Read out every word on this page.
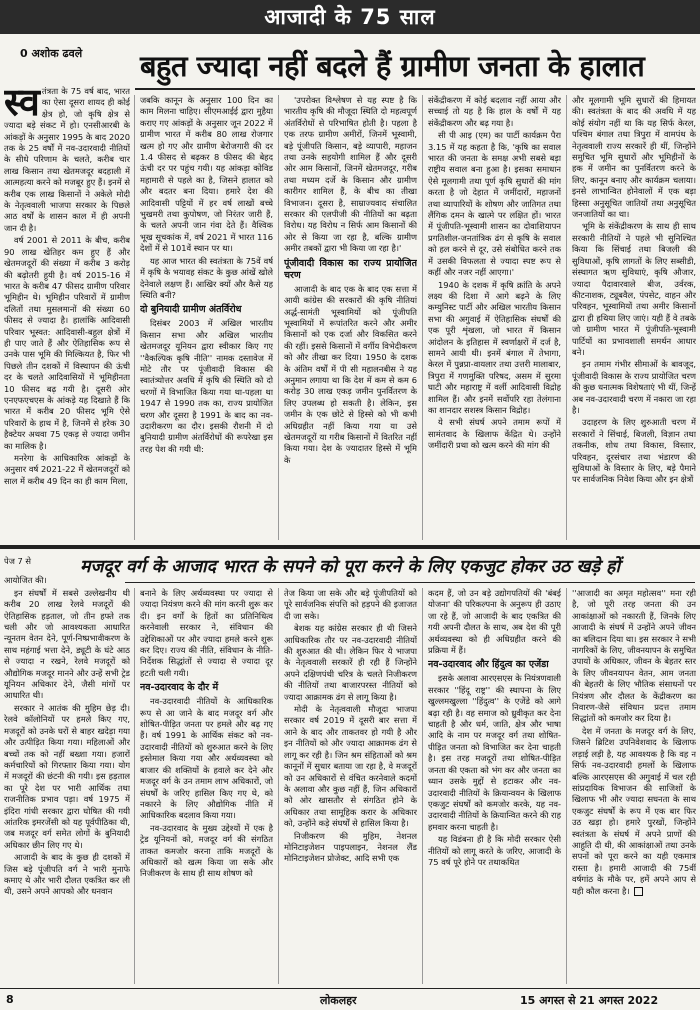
आजादी के 75 साल
0 अशोक ढवले बहुत ज्यादा नहीं बदले हैं ग्रामीण जनता के हालात

स्व तंत्रता के 75 वर्ष बाद, भारत का ऐसा दूसरा शायद ही कोई क्षेत्र हो, जो कृषि क्षेत्र से ज्यादा बड़े संकट में हो। एनसीआरबी के आंकड़ों के अनुसार 1995 के बाद 2020 तक के 25 वर्षों में नव-उदारवादी नीतियों के सीधे परिणाम के चलते, करीब चार लाख किसान तथा खेतमजदूर बदहाली में आत्महत्या करने को मजबूर हुए हैं। इनमें से करीब एक लाख किसानों ने अकेले मोदी के नेतृत्ववाली भाजपा सरकार के पिछले आठ वर्षों के शासन काल में ही अपनी जान दी है।

वर्ष 2001 से 2011 के बीच, करीब 90 लाख खेतिहर कम हुए हैं और खेतमजदूरों की संख्या में करीब 3 करोड़ की बढ़ोतरी हुयी है। वर्ष 2015-16 में भारत के करीब 47 फीसद ग्रामीण परिवार भूमिहीन थे। भूमिहीन परिवारों में ग्रामीण दलितों तथा मुसलमानों की संख्या 60 फीसद से ज्यादा है। हालांकि आदिवासी परिवार भूस्वत: आदिवासी-बहुल क्षेत्रों में ही पाए जाते हैं और ऐतिहासिक रूप से उनके पास भूमि की मिल्कियत है, फिर भी पिछले तीन दशकों में विस्थापन की ऊंची दर के चलते आदिवासियों में भूमिहीनता 10 फीसद बढ़ गयी है। दूसरी ओर एनएफएचएस के आंकड़े यह दिखाते हैं कि भारत में करीब 20 फीसद भूमि ऐसे परिवारों के हाथ में है, जिनमें से हरेक 30 हैक्टेयर अथवा 75 एकड़ से ज्यादा जमीन का मालिक है।

मनरेगा के आधिकारिक आंकड़ों के अनुसार वर्ष 2021-22 में खेतमजदूरों को साल में करीब 49 दिन का ही काम मिला,

जबकि कानून के अनुसार 100 दिन का काम मिलना चाहिए। सीएमआईई द्वारा मुहैया कराए गए आंकड़ों के अनुसार जून 2022 में ग्रामीण भारत में करीब 80 लाख रोजगार खत्म हो गए और ग्रामीण बेरोजगारी की दर 1.4 फीसद से बढ़कर 8 फीसद की बेहद ऊंची दर पर पहुंच गयी। यह आंकड़ा कोविड महामारी से पहले का है, जिसने हालात को और बदतर बना दिया। हमारे देश की आदिवासी पट्टियों में हर वर्ष लाखों बच्चे भुखमरी तथा कुपोषण, जो निरंतर जारी हैं, के चलते अपनी जान गंवा देते हैं। वैश्विक भूख सूचकांक में, वर्ष 2021 में भारत 116 देशों में से 101वें स्थान पर था।

यह आज भारत की स्वतंत्रता के 75वें वर्ष में कृषि के भयावह संकट के कुछ आंखें खोले देनेवाले लक्षण हैं। आखिर क्यों और कैसे यह स्थिति बनी?

दो बुनियादी ग्रामीण अंतर्विरोध

दिसंबर 2003 में अखिल भारतीय किसान सभा और अखिल भारतीय खेतमजदूर यूनियन द्वारा स्वीकार किए गए ''वैकल्पिक कृषि नीति'' नामक दस्तावेज में मोटे तौर पर पूंजीवादी विकास की स्वातंत्र्योत्तर अवधि में कृषि की स्थिति को दो चरणों में विभाजित किया गया था-पहला था 1947 से 1990 तक का, राज्य प्रायोजित चरण और दूसरा है 1991 के बाद का नव-उदारीकरण का दौर। इसकी रौशनी में दो बुनियादी ग्रामीण अंतर्विरोधों की रूपरेखा इस तरह पेश की गयी थी:

'उपरोक्त विश्लेषण से यह स्पष्ट है कि भारतीय कृषि की मौजूदा स्थिति दो महत्वपूर्ण अंतर्विरोधों से परिभाषित होती है। पहला है एक तरफ ग्रामीण अमीरों, जिनमें भूस्वामी, बड़े पूंजीपति किसान, बड़े व्यापारी, महाजन तथा उनके सहयोगी शामिल हैं और दूसरी ओर आम किसानों, जिनमें खेतमजदूर, गरीब तथा मध्यम दर्जे के किसान और ग्रामीण कारीगर शामिल हैं, के बीच का तीखा विभाजन। दूसरा है, साम्राज्यवाद संचालित सरकार की एलपीजी की नीतियों का बढ़ता विरोध। यह विरोध न सिर्फ आम किसानों की ओर से किया जा रहा है, बल्कि ग्रामीण अमीर तबकों द्वारा भी किया जा रहा है।'

पूंजीवादी विकास का राज्य प्रायोजित चरण

आजादी के बाद एक के बाद एक सत्ता में आयी कांग्रेस की सरकारों की कृषि नीतियां अर्द्ध-सामंती भूस्वामियों को पूंजीपति भूस्वामियों में रूपांतरित करने और अमीर किसानों को एक दर्जा और विकसित करने की रहीं। इससे किसानों में वर्गीय विभेदीकरण को और तीखा कर दिया। 1950 के दशक के अंतिम वर्षों में पी सी महालनबीस ने यह अनुमान लगाया था कि देश में कम से कम 6 करोड़ 30 लाख एकड़ जमीन पुनर्वितरण के लिए उपलब्ध हो सकती है। लेकिन, इस जमीन के एक छोटे से हिस्से को भी कभी अधिग्रहीत नहीं किया गया या उसे खेतमजदूरों या गरीब किसानों में वितरित नहीं किया गया। देश के ज्यादातर हिस्से में भूमि के

संकेंद्रीकरण में कोई बदलाव नहीं आया और सच्चाई तो यह है कि हाल के वर्षों में यह संकेंद्रीकरण और बढ़ गया है।

सी पी आइ (एम) का पार्टी कार्यक्रम पैरा 3.15 में यह कहता है कि, 'कृषि का सवाल भारत की जनता के समक्ष अभी सबसे बड़ा राष्ट्रीय सवाल बना हुआ है। इसका समाधान ऐसे मूलगामी तथा पूर्ण कृषि सुधारों की मांग करता है जो देहात में जमींदारों, महाजनों तथा व्यापारियों के शोषण और जातिगत तथा लैंगिक दमन के खात्मे पर लक्षित हों। भारत में पूंजीपति-भूस्वामी शासन का दोवाशियापन प्रगतिशील-जनतांत्रिक ढंग से कृषि के सवाल को हल करने से दूर, उसे संबोधित करने तक में उसकी विफलता से ज्यादा स्पष्ट रूप से कहीं और नजर नहीं आएगा।'

1940 के दशक में कृषि क्रांति के अपने लक्ष्य की दिशा में आगे बढ़ने के लिए कम्युनिस्ट पार्टी और अखिल भारतीय किसान सभा की अगुवाई में ऐतिहासिक संघर्षों की एक पूरी शृंखला, जो भारत में किसान आंदोलन के इतिहास में स्वर्णाक्षरों में दर्ज है, सामने आयी थी। इनमें बंगाल में तेभागा, केरल में पुन्नप्रा-वायलार तथा उत्तरी मालाबार, त्रिपुरा में गणमुक्ति परिषद, असम में सुरमा घाटी और महाराष्ट्र में वर्ली आदिवासी विद्रोह शामिल हैं। और इनमें सर्वोपरि रहा तेलंगाना का शानदार सशस्त्र किसान विद्रोह।

ये सभी संघर्ष अपने तमाम रूपों में सामंतवाद के खिलाफ केंद्रित थे। उन्होंने जमींदारी प्रथा को खत्म करने की मांग की

और मूलगामी भूमि सुधारों की हिमायत की। स्वतंत्रता के बाद की अवधि में यह कोई संयोग नहीं था कि यह सिर्फ केरल, पश्चिम बंगाल तथा त्रिपुरा में वामपंथ के नेतृत्ववाली राज्य सरकारें ही थीं, जिन्होंने समुचित भूमि सुधारों और भूमिहीनों के हक में जमीन का पुनर्वितरण करने के लिए, कानून बनाए और कार्यक्रम चलाया। इनसे लाभान्वित होनेवालों में एक बड़ा हिस्सा अनुसूचित जातियों तथा अनुसूचित जनजातियों का था।

भूमि के संकेंद्रीकरण के साथ ही साथ सरकारी नीतियों ने पहले भी सुनिश्चित किया कि सिंचाई तथा बिजली की सुविधाओं, कृषि लागतों के लिए सब्सीडी, संस्थागत ऋण सुविधाएं, कृषि औजार, ज्यादा पैदावारवाले बीज, उर्वरक, कीटनाशक, ट्यूबवैल, पंपसेट, वाहन और परिवहन, भूस्वामियों तथा अमीर किसानों द्वारा ही हथिया लिए जाएं। यही हैं वे तबके जो ग्रामीण भारत में पूंजीपति-भूस्वामी पार्टियों का प्रभावशाली समर्थन आधार बने।

इन तमाम गंभीर सीमाओं के बावजूद, पूंजीवादी विकास के राज्य प्रायोजित चरण की कुछ धनात्मक विशेषताएं भी थीं, जिन्हें अब नव-उदारवादी चरण में नकारा जा रहा है।

उदाहरण के लिए शुरुआती चरण में सरकारों ने सिंचाई, बिजली, विज्ञान तथा तकनीक, शोध तथा विकास, विस्तार, परिवहन, दूरसंचार तथा भंडारण की सुविधाओं के विस्तार के लिए, बड़े पैमाने पर सार्वजनिक निवेश किया और इन क्षेत्रों

मजदूर वर्ग के आजाद भारत के सपने को पूरा करने के लिए एकजुट होकर उठ खड़े हों

पेज 7 से

आयोजित की।

इन संघर्षों में सबसे उल्लेखनीय थी करीब 20 लाख रेलवे मजदूरों की ऐतिहासिक हड़ताल, जो तीन हफ्ते तक चली और जो आवश्यकता आधारित न्यूनतम वेतन देने, पूर्ण-निष्प्रभावीकरण के साथ महंगाई भत्ता देने, ड्यूटी के घंटे आठ से ज्यादा न रखने, रेलवे मजदूरों को औद्योगिक मजदूर मानने और उन्हें सभी ट्रेड यूनियन अधिकार देने, जैसी मांगों पर आधारित थी।

सरकार ने आतंक की मुहिम छेड़ दी। रेलवे कॉलोनियों पर हमले किए गए, मजदूरों को उनके घरों से बाहर खदेड़ा गया और उत्पीड़ित किया गया। महिलाओं और बच्चों तक को नहीं बख्शा गया। हजारों कर्मचारियों को गिरफ्तार किया गया। योग में मजदूरों की छंटनी की गयी। इस हड़ताल का पूरे देश पर भारी आर्थिक तथा राजनीतिक प्रभाव पड़ा। वर्ष 1975 में इंदिरा गांधी सरकार द्वारा घोषित की गयी आंतरिक इमरजेंसी को यह पूर्वपीठिका थी, जब मजदूर वर्ग समेत लोगों के बुनियादी अधिकार छीन लिए गए थे।

आजादी के बाद के कुछ ही दशकों में जिस बड़े पूंजीपति वर्ग ने भारी मुनाफे कमाए थे और भारी दौलत एकत्रित कर ली थी, उसने अपने आपको और धनवान

बनाने के लिए अर्थव्यवस्था पर ज्यादा से ज्यादा नियंत्रण करने की मांग करनी शुरू कर दी। इन वर्गों के हितों का प्रतिनिधित्व करनेवाली सरकार ने, संविधान की उद्देशिकाओं पर और ज्यादा हमले करने शुरू कर दिए। राज्य की नीति, संविधान के नीति-निर्देशक सिद्धांतों से ज्यादा से ज्यादा दूर हटती चली गयी।

नव-उदारवाद के दौर में

नव-उदारवादी नीतियों के आधिकारिक रूप से आ जाने के बाद मजदूर वर्ग और शोषित-पीड़ित जनता पर हमले और बढ़ गए हैं। वर्ष 1991 के आर्थिक संकट को नव-उदारवादी नीतियों को शुरुआत करने के लिए इस्तेमाल किया गया और अर्थव्यवस्था को बाजार की शक्तियों के हवाले कर देने और मजदूर वर्ग के उन तमाम लाभ अधिकारों, जो संघर्षों के जरिए हासिल किए गए थे, को नकारने के लिए औद्योगिक नीति में आधिकारिक बदलाव किया गया।

नव-उदारवाद के मुख्य उद्देश्यों में एक है ट्रेड यूनियनों को, मजदूर वर्ग की संगठित ताकत कमजोर करना ताकि मजदूरों के अधिकारों को खत्म किया जा सके और निजीकरण के साथ ही साथ शोषण को

तेज किया जा सके और बड़े पूंजीपतियों को पूरे सार्वजनिक संपत्ति को हड़पने की इजाजत दी जा सके।

बेशक यह कांग्रेस सरकार ही थी जिसने आधिकारिक तौर पर नव-उदारवादी नीतियों की शुरुआत की थी। लेकिन फिर ये भाजपा के नेतृत्ववाली सरकारें ही रही हैं जिन्होंने अपने दक्षिणपंथी चरित्र के चलते निजीकरण की नीतियों तथा बाजारपरस्त नीतियों को ज्यादा आक्रामक ढंग से लागू किया है।

मोदी के नेतृत्ववाली मौजूदा भाजपा सरकार वर्ष 2019 में दूसरी बार सत्ता में आने के बाद और ताकतवर हो गयी है और इन नीतियों को और ज्यादा आक्रामक ढंग से लागू कर रही है। जिन श्रम संहिताओं को श्रम कानूनों में सुधार बताया जा रहा है, वे मजदूरों को उन अधिकारों से वंचित करनेवाले कदमों के अलावा और कुछ नहीं हैं, जिन अधिकारों को ओर खासतौर से संगठित होने के अधिकार तथा सामूहिक करार के अधिकार को, उन्होंने कड़े संघर्षों से हासिल किया है।

निजीकरण की मुहिम, नेशनल मोनिटाइजेशन पाइपलाइन, नेशनल लैंड मोनिटाइजेशन प्रोजेक्ट, आदि सभी एक

कदम हैं, जो उन बड़े उद्योगपतियों की 'बंबई योजना' की परिकल्पना के अनुरूप ही उठाए जा रहे हैं, जो आजादी के बाद एकत्रित की गयी अपनी दौलत के साथ, अब देश की पूरी अर्थव्यवस्था को ही अधिग्रहीत करने की प्रक्रिया में हैं।

नव-उदारवाद और हिंदुत्व का एजेंडा

इसके अलावा आरएसएस के नियंत्रणवाली सरकार ''हिंदू राष्ट्र'' की स्थापना के लिए खुल्लमखुल्ला ''हिंदुत्व'' के एजेंडे को आगे बढ़ा रही है। वह समाज को ध्रुवीकृत कर देना चाहती है और धर्म, जाति, क्षेत्र और भाषा आदि के नाम पर मजदूर वर्ग तथा शोषित-पीड़ित जनता को विभाजित कर देना चाहती है। इस तरह मजदूरों तथा शोषित-पीड़ित जनता की एकता को भंग कर और जनता का ध्यान उसके मुद्दों से हटाकर और नव-उदारवादी नीतियों के क्रियान्वयन के खिलाफ एकजुट संघर्षों को कमजोर करके, यह नव-उदारवादी नीतियों के क्रियान्वित करने की राह हमवार करना चाहती है।

यह विडंबना ही है कि मोदी सरकार ऐसी नीतियों को लागू करते के जरिए, आजादी के 75 वर्ष पूरे होने पर तथाकथित

''आजादी का अमृत महोत्सव'' मना रही है, जो पूरी तरह जनता की उन आकांक्षाओं को नकारती हैं, जिनके लिए आजादी के संघर्ष में उन्होंने अपने जीवन का बलिदान दिया था। इस सरकार ने सभी नागरिकों के लिए, जीवनयापन के समुचित उपायों के अधिकार, जीवन के बेहतर स्तर के लिए जीवनयापन वेतन, आम जनता की बेहतरी के लिए भौतिक संसाधनों पर नियंत्रण और दौलत के केंद्रीकरण का निवारण-जैसे संविधान प्रदत्त तमाम सिद्धांतों को कमजोर कर दिया है।

देश में जनता के मजदूर वर्ग के लिए, जिसने ब्रिटिश उपनिवेशवाद के खिलाफ लड़ाई लड़ी है, यह आवश्यक है कि वह न सिर्फ नव-उदारवादी हमलों के खिलाफ बल्कि आरएसएस की अगुवाई में चल रही सांप्रदायिक विभाजन की साजिशों के खिलाफ भी और ज्यादा सघनता के साथ एकजुट संघर्षों के रूप में एक बार फिर उठ खड़ा हो। हमारे पुरखों, जिन्होंने स्वतंत्रता के संघर्ष में अपने प्राणों की आहुति दी थी, की आकांक्षाओं तथा उनके सपनों को पूरा करने का यही एकमात्र रास्ता है। हमारी आजादी की 75वीं वर्षगांठ के मौके पर, हमें अपने आप से यही कौल करना है।

8	लोकलहर	15 अगस्त से 21 अगस्त 2022
